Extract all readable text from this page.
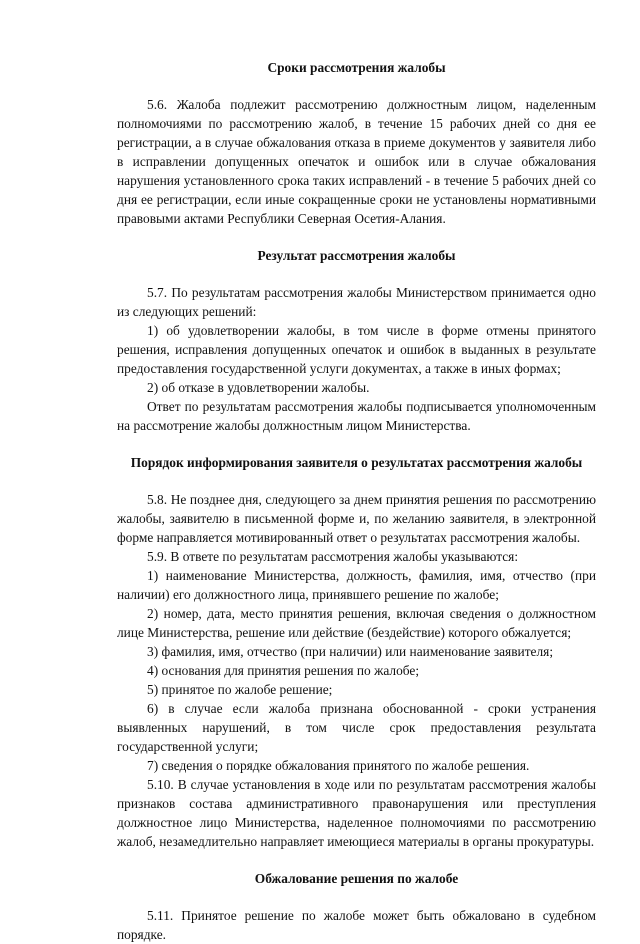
Сроки рассмотрения жалобы

5.6. Жалоба подлежит рассмотрению должностным лицом, наделенным полномочиями по рассмотрению жалоб, в течение 15 рабочих дней со дня ее регистрации, а в случае обжалования отказа в приеме документов у заявителя либо в исправлении допущенных опечаток и ошибок или в случае обжалования нарушения установленного срока таких исправлений - в течение 5 рабочих дней со дня ее регистрации, если иные сокращенные сроки не установлены нормативными правовыми актами Республики Северная Осетия-Алания.

Результат рассмотрения жалобы

5.7. По результатам рассмотрения жалобы Министерством принимается одно из следующих решений:

1) об удовлетворении жалобы, в том числе в форме отмены принятого решения, исправления допущенных опечаток и ошибок в выданных в результате предоставления государственной услуги документах, а также в иных формах;

2) об отказе в удовлетворении жалобы.

Ответ по результатам рассмотрения жалобы подписывается уполномоченным на рассмотрение жалобы должностным лицом Министерства.

Порядок информирования заявителя о результатах рассмотрения жалобы

5.8. Не позднее дня, следующего за днем принятия решения по рассмотрению жалобы, заявителю в письменной форме и, по желанию заявителя, в электронной форме направляется мотивированный ответ о результатах рассмотрения жалобы.

5.9. В ответе по результатам рассмотрения жалобы указываются:

1) наименование Министерства, должность, фамилия, имя, отчество (при наличии) его должностного лица, принявшего решение по жалобе;

2) номер, дата, место принятия решения, включая сведения о должностном лице Министерства, решение или действие (бездействие) которого обжалуется;

3) фамилия, имя, отчество (при наличии) или наименование заявителя;

4) основания для принятия решения по жалобе;

5) принятое по жалобе решение;

6) в случае если жалоба признана обоснованной - сроки устранения выявленных нарушений, в том числе срок предоставления результата государственной услуги;

7) сведения о порядке обжалования принятого по жалобе решения.

5.10. В случае установления в ходе или по результатам рассмотрения жалобы признаков состава административного правонарушения или преступления должностное лицо Министерства, наделенное полномочиями по рассмотрению жалоб, незамедлительно направляет имеющиеся материалы в органы прокуратуры.

Обжалование решения по жалобе

5.11. Принятое решение по жалобе может быть обжаловано в судебном порядке.
